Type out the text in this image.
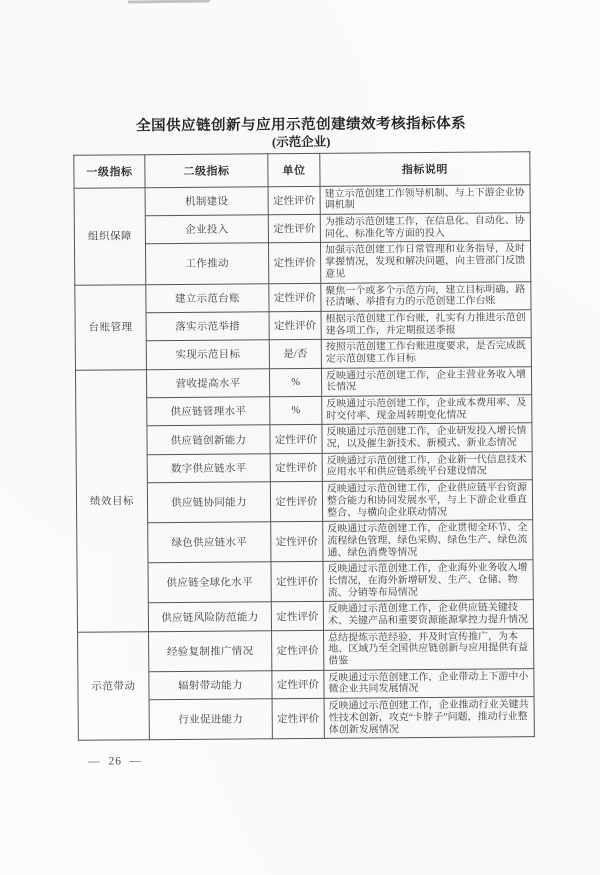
全国供应链创新与应用示范创建绩效考核指标体系
(示范企业)
一级指标	二级指标	单位	指标说明
组织保障	机制建设	定性评价	建立示范创建工作领导机制、与上下游企业协调机制
	企业投入	定性评价	为推动示范创建工作，在信息化、自动化、协同化、标准化等方面的投入
	工作推动	定性评价	加强示范创建工作日常管理和业务指导，及时掌握情况，发现和解决问题，向主管部门反馈意见
台账管理	建立示范台账	定性评价	聚焦一个或多个示范方向，建立目标明确、路径清晰、举措有力的示范创建工作台账
	落实示范举措	定性评价	根据示范创建工作台账，扎实有力推进示范创建各项工作，并定期报送季报
	实现示范目标	是/否	按照示范创建工作台账进度要求，是否完成既定示范创建工作目标
绩效目标	营收提高水平	%	反映通过示范创建工作，企业主营业务收入增长情况
	供应链管理水平	%	反映通过示范创建工作，企业成本费用率、及时交付率、现金周转期变化情况
	供应链创新能力	定性评价	反映通过示范创建工作，企业研发投入增长情况，以及催生新技术、新模式、新业态情况
	数字供应链水平	定性评价	反映通过示范创建工作，企业新一代信息技术应用水平和供应链系统平台建设情况
	供应链协同能力	定性评价	反映通过示范创建工作，企业供应链平台资源整合能力和协同发展水平，与上下游企业垂直整合、与横向企业联动情况
	绿色供应链水平	定性评价	反映通过示范创建工作，企业贯彻全环节、全流程绿色管理、绿色采购、绿色生产、绿色流通、绿色消费等情况
	供应链全球化水平	定性评价	反映通过示范创建工作，企业海外业务收入增长情况，在海外新增研发、生产、仓储、物流、分销等布局情况
	供应链风险防范能力	定性评价	反映通过示范创建工作，企业供应链关键技术、关键产品和重要资源能源掌控力提升情况
示范带动	经验复制推广情况	定性评价	总结提炼示范经验，并及时宣传推广，为本地、区域乃至全国供应链创新与应用提供有益借鉴
	辐射带动能力	定性评价	反映通过示范创建工作，企业带动上下游中小微企业共同发展情况
	行业促进能力	定性评价	反映通过示范创建工作，企业推动行业关键共性技术创新，攻克“卡脖子”问题，推动行业整体创新发展情况
— 26 —
